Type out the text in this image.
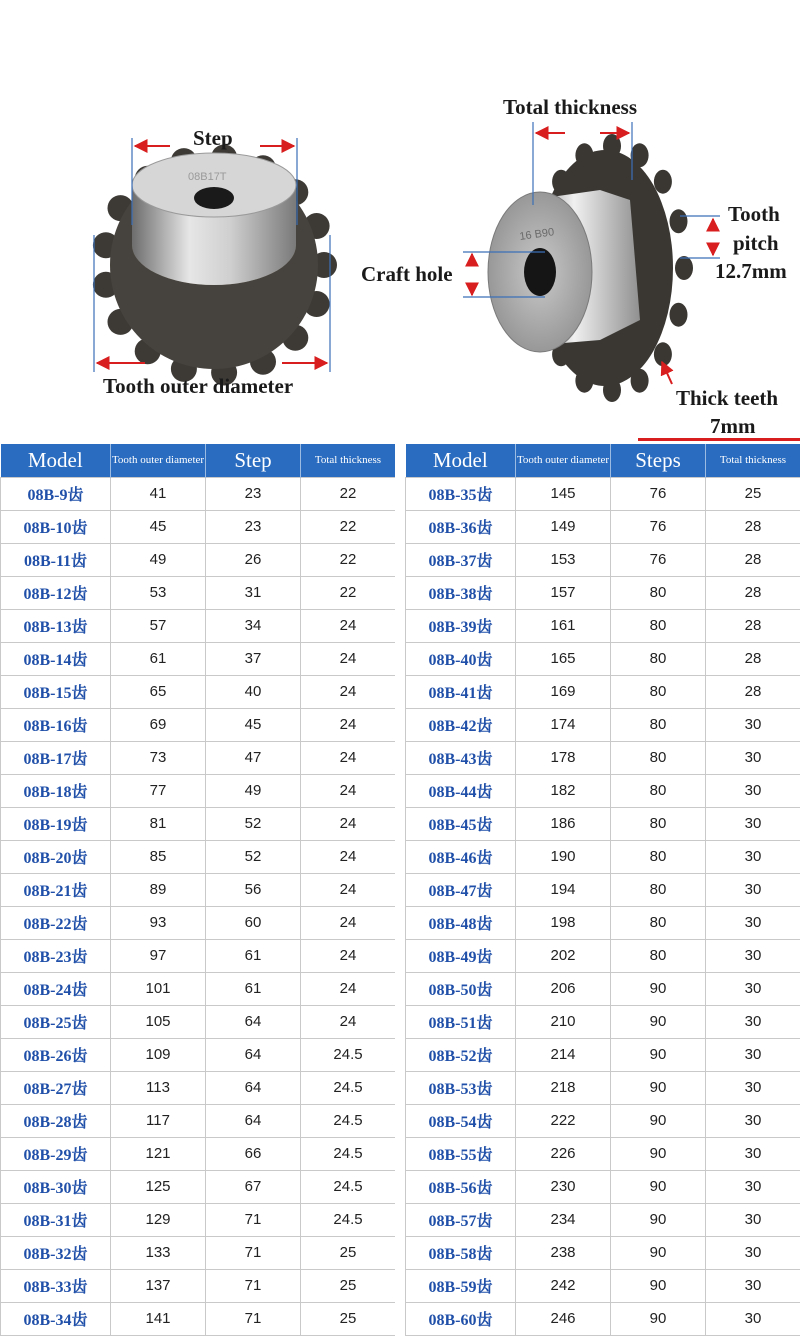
08B17T
16 B90
Step
Tooth outer diameter
Total thickness
Craft hole
Tooth
pitch
12.7mm
Thick teeth
7mm
Model	Tooth outer diameter	Step	Total thickness
08B-9齿	41	23	22
08B-10齿	45	23	22
08B-11齿	49	26	22
08B-12齿	53	31	22
08B-13齿	57	34	24
08B-14齿	61	37	24
08B-15齿	65	40	24
08B-16齿	69	45	24
08B-17齿	73	47	24
08B-18齿	77	49	24
08B-19齿	81	52	24
08B-20齿	85	52	24
08B-21齿	89	56	24
08B-22齿	93	60	24
08B-23齿	97	61	24
08B-24齿	101	61	24
08B-25齿	105	64	24
08B-26齿	109	64	24.5
08B-27齿	113	64	24.5
08B-28齿	117	64	24.5
08B-29齿	121	66	24.5
08B-30齿	125	67	24.5
08B-31齿	129	71	24.5
08B-32齿	133	71	25
08B-33齿	137	71	25
08B-34齿	141	71	25
Model	Tooth outer diameter	Steps	Total thickness
08B-35齿	145	76	25
08B-36齿	149	76	28
08B-37齿	153	76	28
08B-38齿	157	80	28
08B-39齿	161	80	28
08B-40齿	165	80	28
08B-41齿	169	80	28
08B-42齿	174	80	30
08B-43齿	178	80	30
08B-44齿	182	80	30
08B-45齿	186	80	30
08B-46齿	190	80	30
08B-47齿	194	80	30
08B-48齿	198	80	30
08B-49齿	202	80	30
08B-50齿	206	90	30
08B-51齿	210	90	30
08B-52齿	214	90	30
08B-53齿	218	90	30
08B-54齿	222	90	30
08B-55齿	226	90	30
08B-56齿	230	90	30
08B-57齿	234	90	30
08B-58齿	238	90	30
08B-59齿	242	90	30
08B-60齿	246	90	30
